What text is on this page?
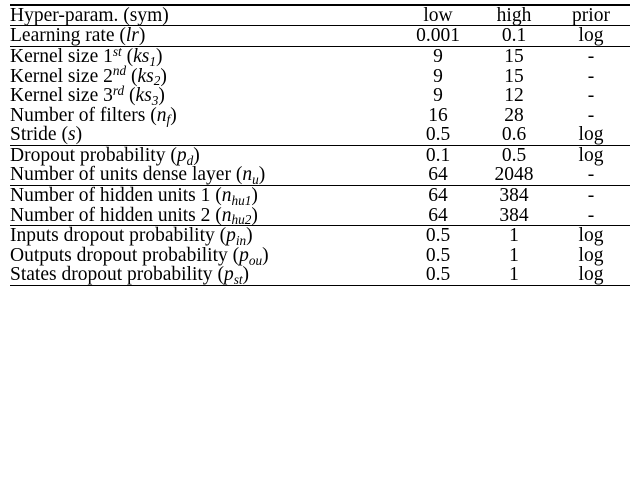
Hyper-param. (sym)	low	high	prior

Learning rate (lr)	0.001	0.1	log

Kernel size 1st $(ks_1)$	9	15	-
Kernel size 2nd $(ks_2)$	9	15	-
Kernel size 3rd $(ks_3)$	9	12	-
Number of filters $(n_f)$	16	28	-
Stride (s)	0.5	0.6	log

Dropout probability $(p_d)$	0.1	0.5	log
Number of units dense layer $(n_u)$	64	2048	-

Number of hidden units 1 $(n_{hu1})$	64	384	-
Number of hidden units 2 $(n_{hu2})$	64	384	-

Inputs dropout probability $(p_{in})$	0.5	1	log
Outputs dropout probability $(p_{ou})$	0.5	1	log
States dropout probability $(p_{st})$	0.5	1	log
